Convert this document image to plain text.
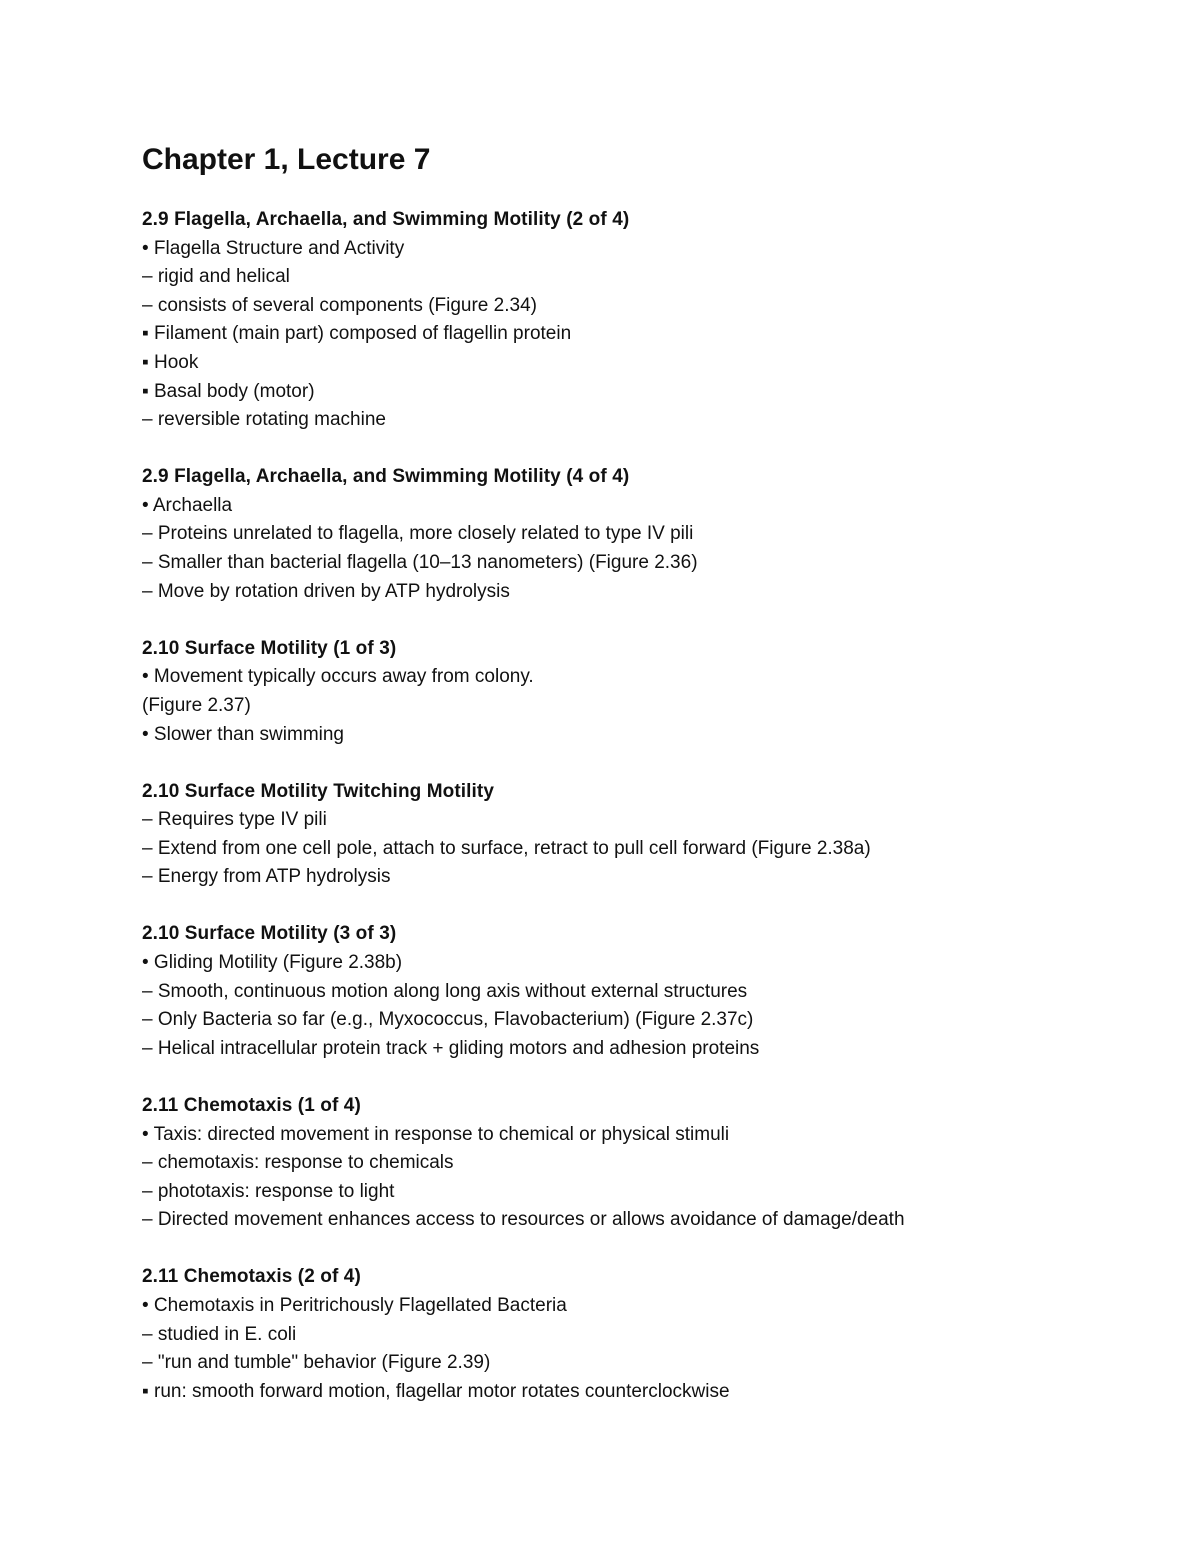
Chapter 1, Lecture 7
2.9 Flagella, Archaella, and Swimming Motility (2 of 4)
• Flagella Structure and Activity
– rigid and helical
– consists of several components (Figure 2.34)
▪ Filament (main part) composed of flagellin protein
▪ Hook
▪ Basal body (motor)
– reversible rotating machine
2.9 Flagella, Archaella, and Swimming Motility (4 of 4)
• Archaella
– Proteins unrelated to flagella, more closely related to type IV pili
– Smaller than bacterial flagella (10–13 nanometers) (Figure 2.36)
– Move by rotation driven by ATP hydrolysis
2.10 Surface Motility (1 of 3)
• Movement typically occurs away from colony.
(Figure 2.37)
• Slower than swimming
2.10 Surface Motility Twitching Motility
– Requires type IV pili
– Extend from one cell pole, attach to surface, retract to pull cell forward (Figure 2.38a)
– Energy from ATP hydrolysis
2.10 Surface Motility (3 of 3)
• Gliding Motility (Figure 2.38b)
– Smooth, continuous motion along long axis without external structures
– Only Bacteria so far (e.g., Myxococcus, Flavobacterium) (Figure 2.37c)
– Helical intracellular protein track + gliding motors and adhesion proteins
2.11 Chemotaxis (1 of 4)
• Taxis: directed movement in response to chemical or physical stimuli
– chemotaxis: response to chemicals
– phototaxis: response to light
– Directed movement enhances access to resources or allows avoidance of damage/death
2.11 Chemotaxis (2 of 4)
• Chemotaxis in Peritrichously Flagellated Bacteria
– studied in E. coli
– "run and tumble" behavior (Figure 2.39)
▪ run: smooth forward motion, flagellar motor rotates counterclockwise
